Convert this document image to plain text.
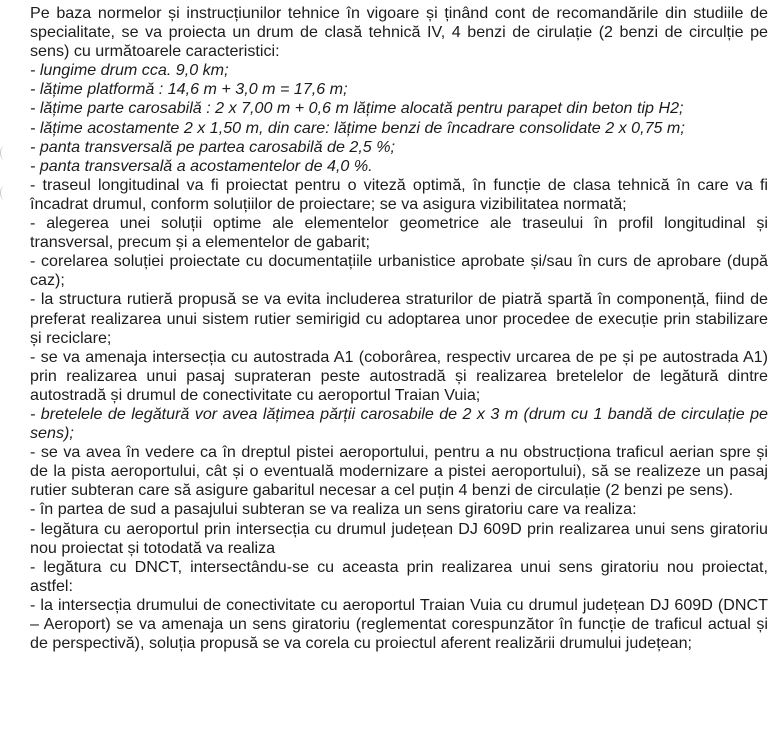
Pe baza normelor și instrucțiunilor tehnice în vigoare și ținând cont de recomandările din studiile de specialitate, se va proiecta un drum de clasă tehnică IV, 4 benzi de cirulație (2 benzi de circulție pe sens) cu următoarele caracteristici:

- lungime drum cca. 9,0 km;

- lățime platformă : 14,6 m + 3,0 m = 17,6 m;

- lățime parte carosabilă : 2 x 7,00 m + 0,6 m lățime alocată pentru parapet din beton tip H2;

- lățime acostamente 2 x 1,50 m, din care: lățime benzi de încadrare consolidate 2 x 0,75 m;

- panta transversală pe partea carosabilă de 2,5 %;

- panta transversală a acostamentelor de 4,0 %.

- traseul longitudinal va fi proiectat pentru o viteză optimă, în funcție de clasa tehnică în care va fi încadrat drumul, conform soluțiilor de proiectare; se va asigura vizibilitatea normată;

- alegerea unei soluții optime ale elementelor geometrice ale traseului în profil longitudinal și transversal, precum și a elementelor de gabarit;

- corelarea soluției proiectate cu documentațiile urbanistice aprobate și/sau în curs de aprobare (după caz);

- la structura rutieră propusă se va evita includerea straturilor de piatră spartă în componență, fiind de preferat realizarea unui sistem rutier semirigid cu adoptarea unor procedee de execuție prin stabilizare și reciclare;

- se va amenaja intersecția cu autostrada A1 (coborârea, respectiv urcarea de pe și pe autostrada A1) prin realizarea unui pasaj suprateran peste autostradă și realizarea bretelelor de legătură dintre autostradă și drumul de conectivitate cu aeroportul Traian Vuia;

- bretelele de legătură vor avea lățimea părții carosabile de 2 x 3 m (drum cu 1 bandă de circulație pe sens);

- se va avea în vedere ca în dreptul pistei aeroportului, pentru a nu obstrucționa traficul aerian spre și de la pista aeroportului, cât și o eventuală modernizare a pistei aeroportului), să se realizeze un pasaj rutier subteran care să asigure gabaritul necesar a cel puțin 4 benzi de circulație (2 benzi pe sens).

- în partea de sud a pasajului subteran se va realiza un sens giratoriu care va realiza:

- legătura cu aeroportul prin intersecția cu drumul județean DJ 609D prin realizarea unui sens giratoriu nou proiectat și totodată va realiza

- legătura cu DNCT, intersectându-se cu aceasta prin realizarea unui sens giratoriu nou proiectat, astfel:

- la intersecția drumului de conectivitate cu aeroportul Traian Vuia cu drumul județean DJ 609D (DNCT – Aeroport) se va amenaja un sens giratoriu (reglementat corespunzător în funcție de traficul actual și de perspectivă), soluția propusă se va corela cu proiectul aferent realizării drumului județean;
